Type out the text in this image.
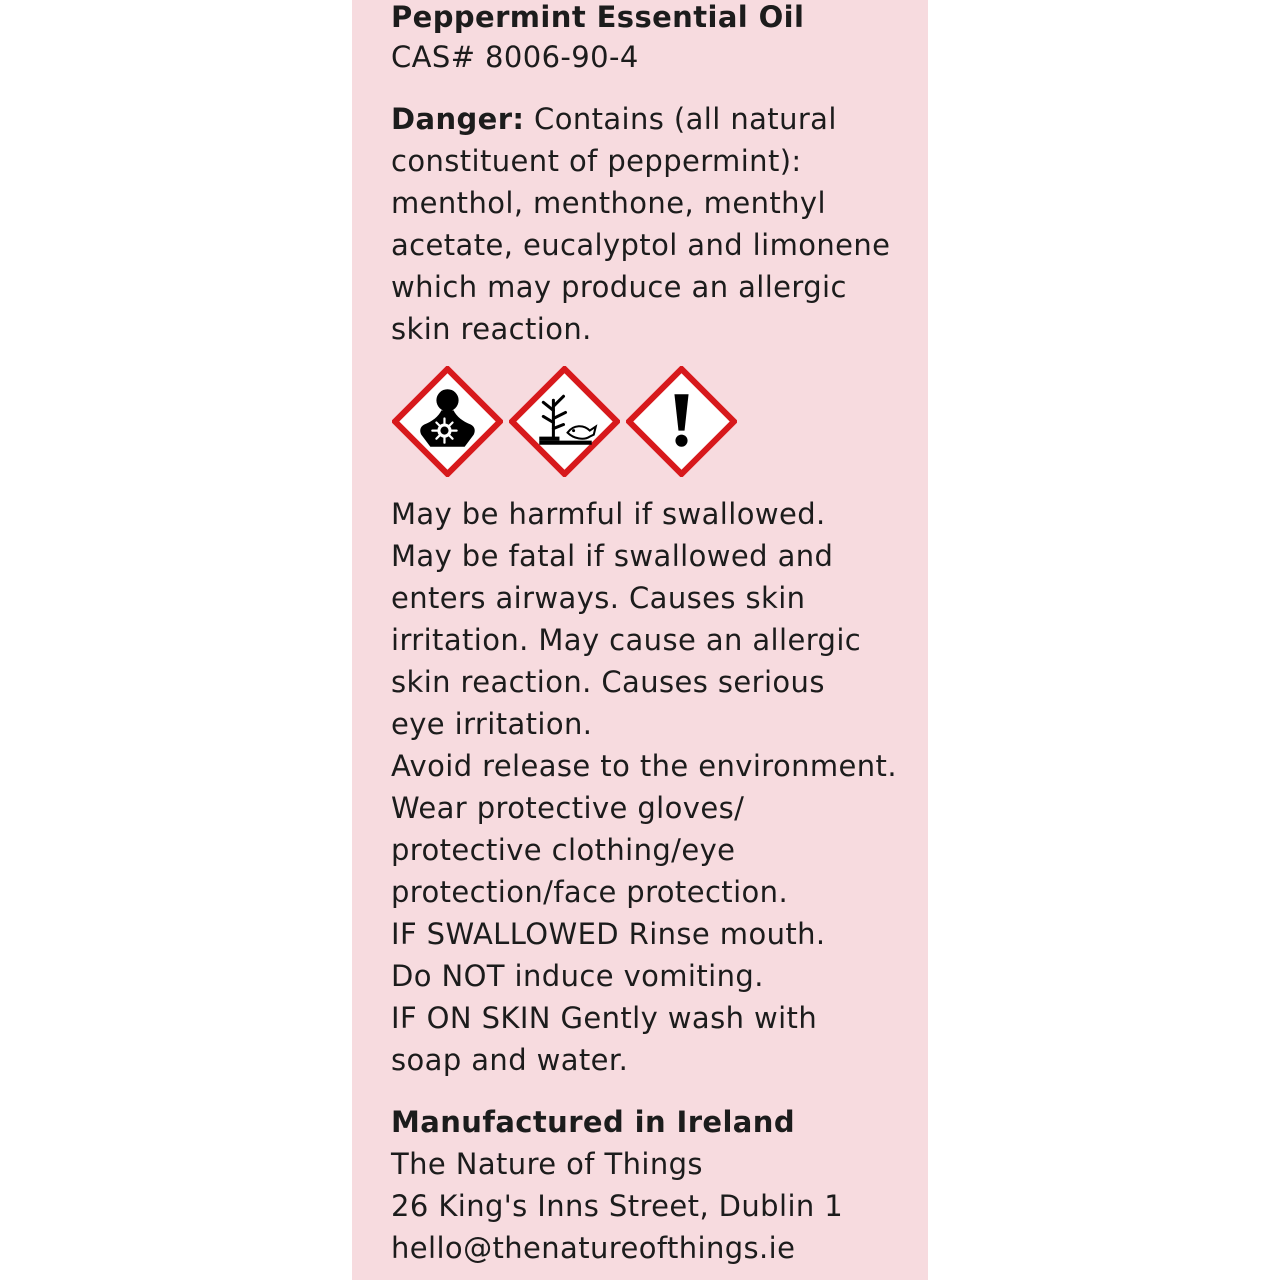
Peppermint Essential Oil
CAS# 8006-90-4
Danger: Contains (all natural
constituent of peppermint):
menthol, menthone, menthyl
acetate, eucalyptol and limonene
which may produce an allergic
skin reaction.
May be harmful if swallowed.
May be fatal if swallowed and
enters airways. Causes skin
irritation. May cause an allergic
skin reaction. Causes serious
eye irritation.
Avoid release to the environment.
Wear protective gloves/
protective clothing/eye
protection/face protection.
IF SWALLOWED Rinse mouth.
Do NOT induce vomiting.
IF ON SKIN Gently wash with
soap and water.
Manufactured in Ireland
The Nature of Things
26 King's Inns Street, Dublin 1
hello@thenatureofthings.ie
